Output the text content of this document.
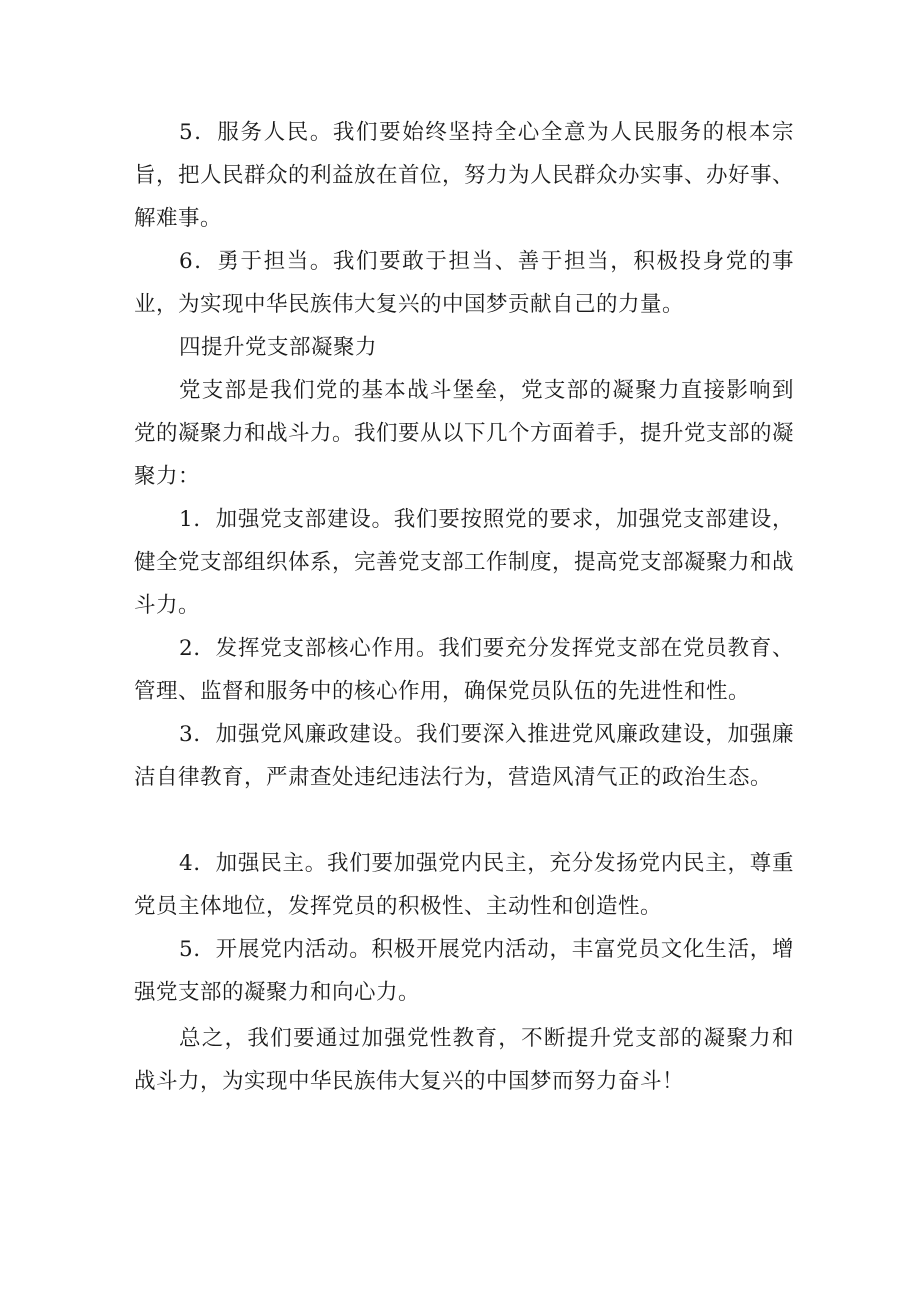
5．服务人民。我们要始终坚持全心全意为人民服务的根本宗旨，把人民群众的利益放在首位，努力为人民群众办实事、办好事、解难事。

6．勇于担当。我们要敢于担当、善于担当，积极投身党的事业，为实现中华民族伟大复兴的中国梦贡献自己的力量。

四提升党支部凝聚力

党支部是我们党的基本战斗堡垒，党支部的凝聚力直接影响到党的凝聚力和战斗力。我们要从以下几个方面着手，提升党支部的凝聚力：

1．加强党支部建设。我们要按照党的要求，加强党支部建设，健全党支部组织体系，完善党支部工作制度，提高党支部凝聚力和战斗力。

2．发挥党支部核心作用。我们要充分发挥党支部在党员教育、管理、监督和服务中的核心作用，确保党员队伍的先进性和性。

3．加强党风廉政建设。我们要深入推进党风廉政建设，加强廉洁自律教育，严肃查处违纪违法行为，营造风清气正的政治生态。

4．加强民主。我们要加强党内民主，充分发扬党内民主，尊重党员主体地位，发挥党员的积极性、主动性和创造性。

5．开展党内活动。积极开展党内活动，丰富党员文化生活，增强党支部的凝聚力和向心力。

总之，我们要通过加强党性教育，不断提升党支部的凝聚力和战斗力，为实现中华民族伟大复兴的中国梦而努力奋斗！
